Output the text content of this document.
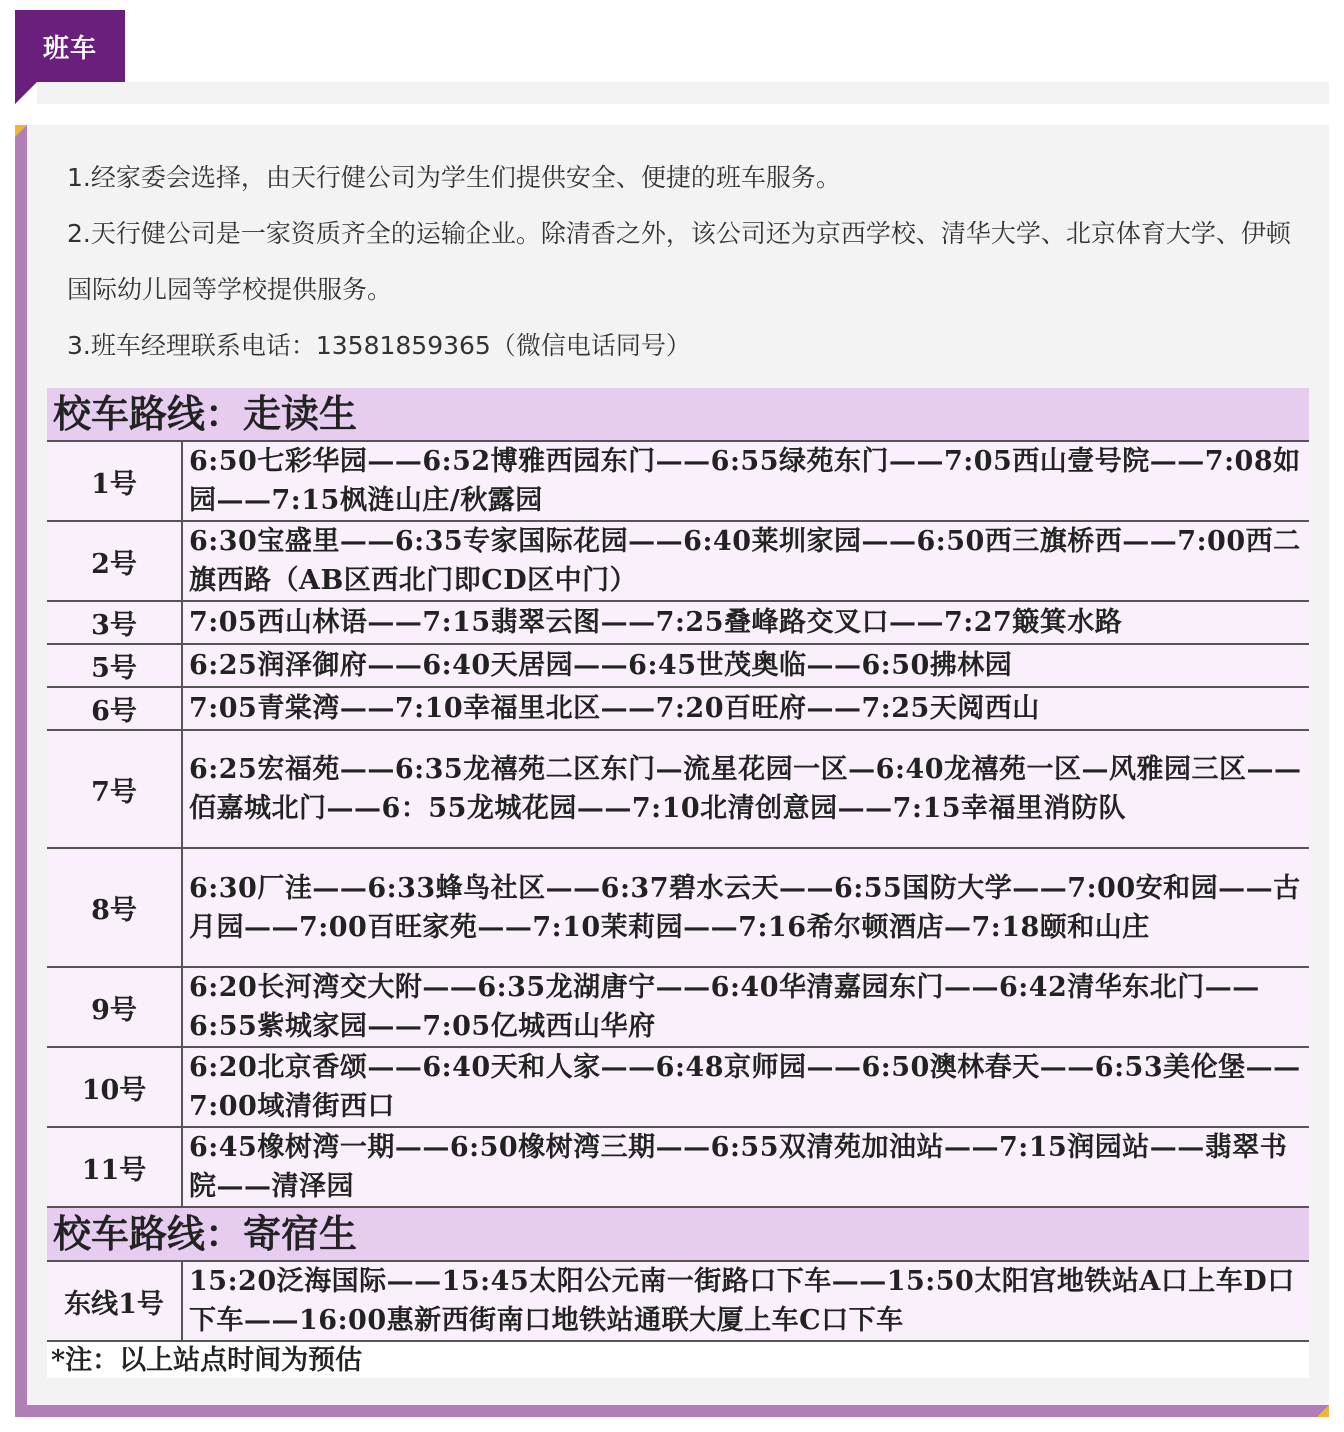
班车

1.经家委会选择，由天行健公司为学生们提供安全、便捷的班车服务。

2.天行健公司是一家资质齐全的运输企业。除清香之外，该公司还为京西学校、清华大学、北京体育大学、伊顿国际幼儿园等学校提供服务。

3.班车经理联系电话：13581859365（微信电话同号）

校车路线：走读生
1号	6:50七彩华园——6:52博雅西园东门——6:55绿苑东门——7:05西山壹号院——7:08如园——7:15枫涟山庄/秋露园
2号	6:30宝盛里——6:35专家国际花园——6:40莱圳家园——6:50西三旗桥西——7:00西二旗西路（AB区西北门即CD区中门）
3号	7:05西山林语——7:15翡翠云图——7:25叠峰路交叉口——7:27簸箕水路
5号	6:25润泽御府——6:40天居园——6:45世茂奥临——6:50拂林园
6号	7:05青棠湾——7:10幸福里北区——7:20百旺府——7:25天阅西山
7号	6:25宏福苑——6:35龙禧苑二区东门—流星花园一区—6:40龙禧苑一区—风雅园三区——佰嘉城北门——6：55龙城花园——7:10北清创意园——7:15幸福里消防队
8号	6:30厂洼——6:33蜂鸟社区——6:37碧水云天——6:55国防大学——7:00安和园——古月园——7:00百旺家苑——7:10茉莉园——7:16希尔顿酒店—7:18颐和山庄
9号	6:20长河湾交大附——6:35龙湖唐宁——6:40华清嘉园东门——6:42清华东北门——6:55紫城家园——7:05亿城西山华府
10号	6:20北京香颂——6:40天和人家——6:48京师园——6:50澳林春天——6:53美伦堡——7:00域清街西口
11号	6:45橡树湾一期——6:50橡树湾三期——6:55双清苑加油站——7:15润园站——翡翠书院——清泽园
校车路线：寄宿生
东线1号	15:20泛海国际——15:45太阳公元南一街路口下车——15:50太阳宫地铁站A口上车D口下车——16:00惠新西街南口地铁站通联大厦上车C口下车
*注：以上站点时间为预估
